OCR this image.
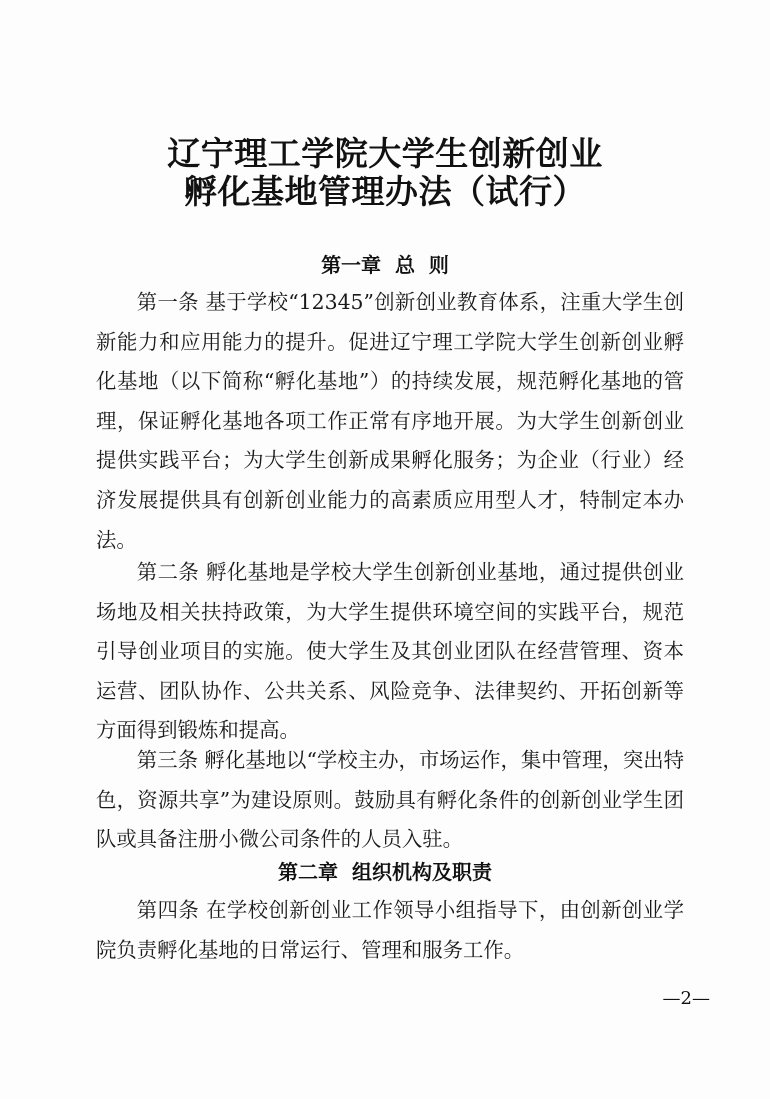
辽宁理工学院大学生创新创业
孵化基地管理办法（试行）
第一章  总  则

第一条 基于学校“12345”创新创业教育体系，注重大学生创新能力和应用能力的提升。促进辽宁理工学院大学生创新创业孵化基地（以下简称“孵化基地”）的持续发展，规范孵化基地的管理，保证孵化基地各项工作正常有序地开展。为大学生创新创业提供实践平台；为大学生创新成果孵化服务；为企业（行业）经济发展提供具有创新创业能力的高素质应用型人才，特制定本办法。

第二条 孵化基地是学校大学生创新创业基地，通过提供创业场地及相关扶持政策，为大学生提供环境空间的实践平台，规范引导创业项目的实施。使大学生及其创业团队在经营管理、资本运营、团队协作、公共关系、风险竞争、法律契约、开拓创新等方面得到锻炼和提高。

第三条 孵化基地以“学校主办，市场运作，集中管理，突出特色，资源共享”为建设原则。鼓励具有孵化条件的创新创业学生团队或具备注册小微公司条件的人员入驻。

第二章  组织机构及职责

第四条 在学校创新创业工作领导小组指导下，由创新创业学院负责孵化基地的日常运行、管理和服务工作。

—2—
